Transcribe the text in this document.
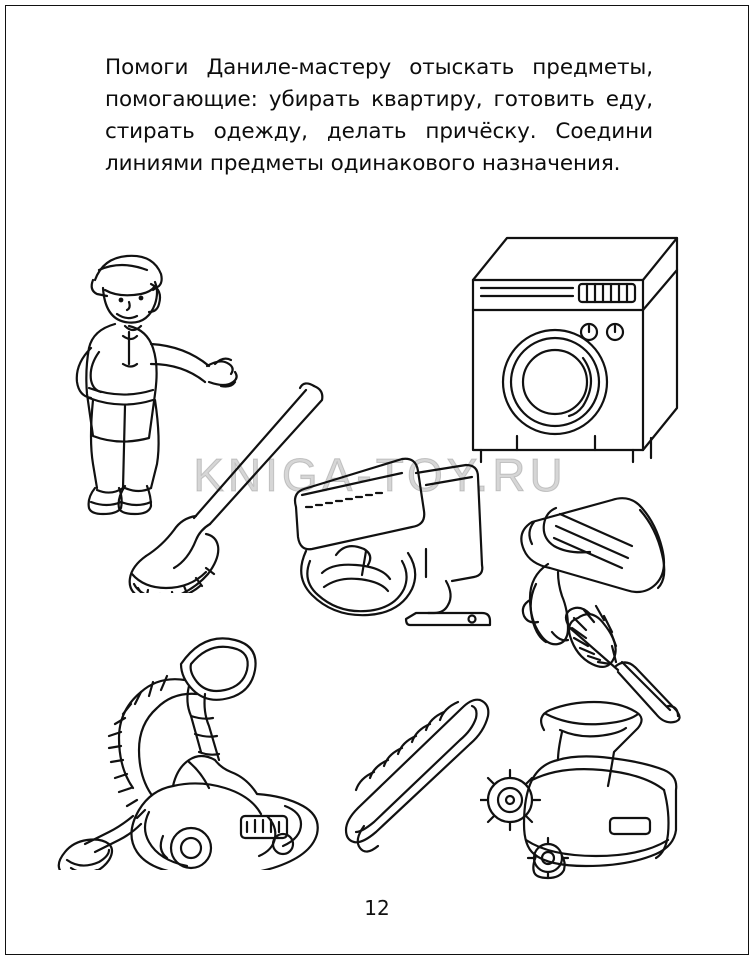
Помоги Даниле-мастеру отыскать предметы, помогающие: убирать квартиру, готовить еду, стирать одежду, делать причёску. Соедини линиями предметы одинакового назначения.

KNIGA-TOY.RU
12
